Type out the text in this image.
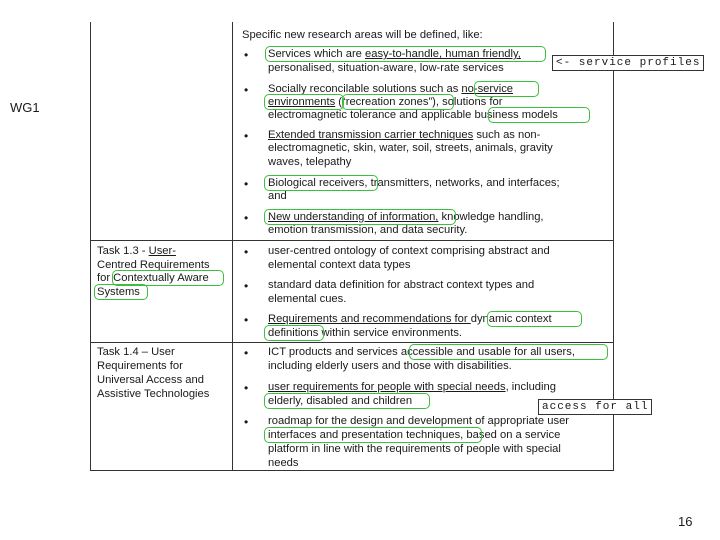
WG1
16
Specific new research areas will be defined, like:
• Services which are easy-to-handle, human friendly,
personalised, situation-aware, low-rate services
• Socially reconcilable solutions such as no-service
environments (“recreation zones”), solutions for
electromagnetic tolerance and applicable business models
• Extended transmission carrier techniques such as non-
electromagnetic, skin, water, soil, streets, animals, gravity
waves, telepathy
• Biological receivers, transmitters, networks, and interfaces;
and
• New understanding of information, knowledge handling,
emotion transmission, and data security.
Task 1.3 - User-
Centred Requirements
for Contextually Aware
Systems
• user-centred ontology of context comprising abstract and
elemental context data types
• standard data definition for abstract context types and
elemental cues.
• Requirements and recommendations for dynamic context
definitions within service environments.
Task 1.4 – User
Requirements for
Universal Access and
Assistive Technologies
• ICT products and services accessible and usable for all users,
including elderly users and those with disabilities.
• user requirements for people with special needs, including
elderly, disabled and children
• roadmap for the design and development of appropriate user
interfaces and presentation techniques, based on a service
platform in line with the requirements of people with special
needs
<- service profiles
access for all
